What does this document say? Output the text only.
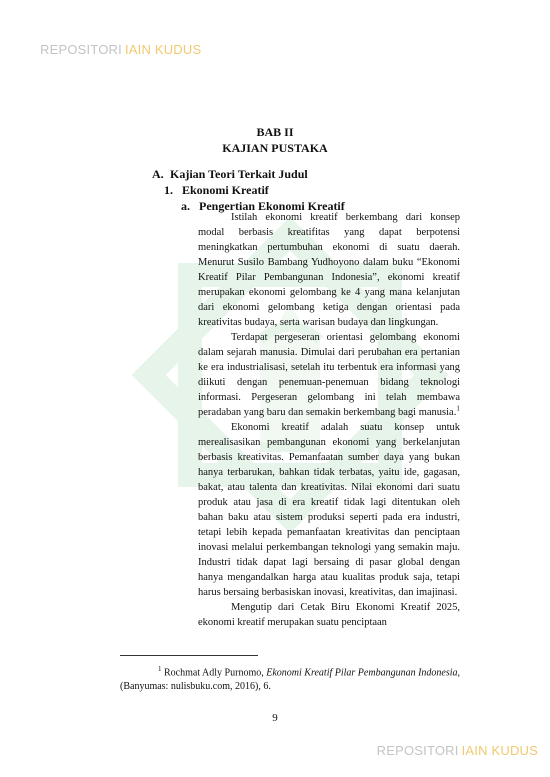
REPOSITORI IAIN KUDUS
BAB II
KAJIAN PUSTAKA
A. Kajian Teori Terkait Judul
1. Ekonomi Kreatif
a. Pengertian Ekonomi Kreatif

Istilah ekonomi kreatif berkembang dari konsep modal berbasis kreatifitas yang dapat berpotensi meningkatkan pertumbuhan ekonomi di suatu daerah. Menurut Susilo Bambang Yudhoyono dalam buku “Ekonomi Kreatif Pilar Pembangunan Indonesia”, ekonomi kreatif merupakan ekonomi gelombang ke 4 yang mana kelanjutan dari ekonomi gelombang ketiga dengan orientasi pada kreativitas budaya, serta warisan budaya dan lingkungan.

Terdapat pergeseran orientasi gelombang ekonomi dalam sejarah manusia. Dimulai dari perubahan era pertanian ke era industrialisasi, setelah itu terbentuk era informasi yang diikuti dengan penemuan-penemuan bidang teknologi informasi. Pergeseran gelombang ini telah membawa peradaban yang baru dan semakin berkembang bagi manusia.$^1$

Ekonomi kreatif adalah suatu konsep untuk merealisasikan pembangunan ekonomi yang berkelanjutan berbasis kreativitas. Pemanfaatan sumber daya yang bukan hanya terbarukan, bahkan tidak terbatas, yaitu ide, gagasan, bakat, atau talenta dan kreativitas. Nilai ekonomi dari suatu produk atau jasa di era kreatif tidak lagi ditentukan oleh bahan baku atau sistem produksi seperti pada era industri, tetapi lebih kepada pemanfaatan kreativitas dan penciptaan inovasi melalui perkembangan teknologi yang semakin maju. Industri tidak dapat lagi bersaing di pasar global dengan hanya mengandalkan harga atau kualitas produk saja, tetapi harus bersaing berbasiskan inovasi, kreativitas, dan imajinasi.

Mengutip dari Cetak Biru Ekonomi Kreatif 2025, ekonomi kreatif merupakan suatu penciptaan

$^1$ Rochmat Adly Purnomo, Ekonomi Kreatif Pilar Pembangunan Indonesia, (Banyumas: nulisbuku.com, 2016), 6.
9
REPOSITORI IAIN KUDUS
